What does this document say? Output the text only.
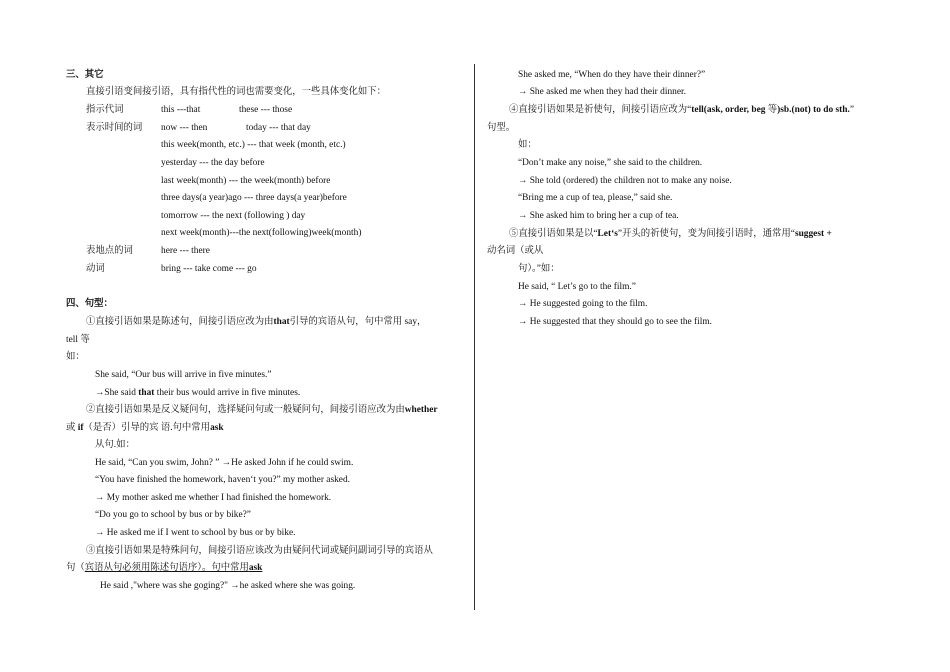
三、其它
直接引语变间接引语，具有指代性的词也需要变化，一些具体变化如下：
指示代词	this ---that	these --- those
表示时间的词 now --- then	today --- that day
this week(month, etc.) --- that week (month, etc.)
yesterday --- the day before
last week(month) --- the week(month) before
three days(a year)ago --- three days(a year)before
tomorrow --- the next (following ) day
next week(month)---the next(following)week(month)
表地点的词	here --- there
动词	bring --- take come --- go
四、句型：
①直接引语如果是陈述句，间接引语应改为由that引导的宾语从句，句中常用 say，
tell 等
如：
She said, “Our bus will arrive in five minutes.”
→She said that their bus would arrive in five minutes.
②直接引语如果是反义疑问句，选择疑问句或一般疑问句，间接引语应改为由whether
或 if（是否）引导的宾 语.句中常用ask
从句.如：
He said, “Can you swim, John? ” →He asked John if he could swim.
“You have finished the homework, haven‘t you?” my mother asked.
→ My mother asked me whether I had finished the homework.
“Do you go to school by bus or by bike?”
→ He asked me if I went to school by bus or by bike.
③直接引语如果是特殊问句，间接引语应该改为由疑问代词或疑问副词引导的宾语从
句（宾语从句必须用陈述句语序）。句中常用ask
He said ,"where was she goging?" →he asked where she was going.
She asked me, “When do they have their dinner?”
→ She asked me when they had their dinner.
④直接引语如果是祈使句，间接引语应改为“tell(ask, order, beg 等)sb.(not) to do sth.”
句型。
如：
“Don’t make any noise,” she said to the children.
→ She told (ordered) the children not to make any noise.
“Bring me a cup of tea, please,” said she.
→ She asked him to bring her a cup of tea.
⑤直接引语如果是以“Let‘s”开头的祈使句，变为间接引语时，通常用“suggest +
动名词（或从
句）。”如：
He said, “ Let’s go to the film.”
→ He suggested going to the film.
→ He suggested that they should go to see the film.
